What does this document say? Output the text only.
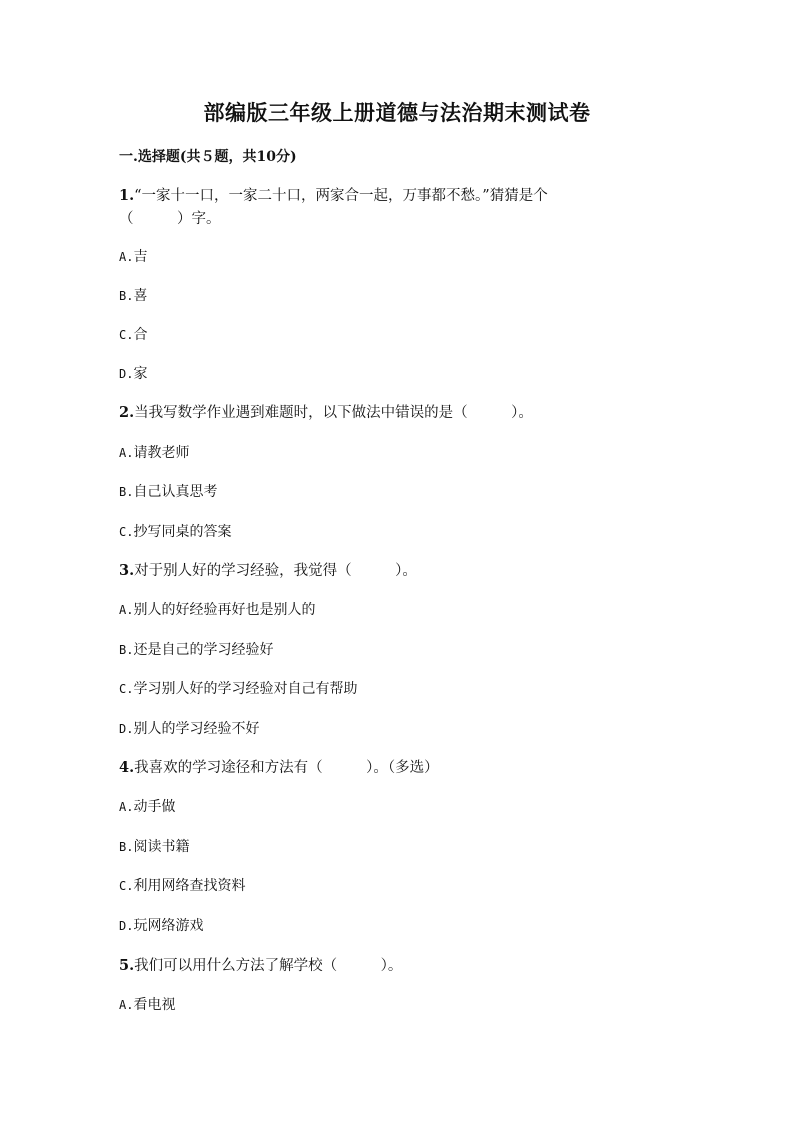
部编版三年级上册道德与法治期末测试卷
一.选择题(共５题，共10分)
1.“一家十一口，一家二十口，两家合一起，万事都不愁。”猜猜是个
（　　　）字。
A.吉
B.喜
C.合
D.家
2.当我写数学作业遇到难题时，以下做法中错误的是（　　　）。
A.请教老师
B.自己认真思考
C.抄写同桌的答案
3.对于别人好的学习经验，我觉得（　　　）。
A.别人的好经验再好也是别人的
B.还是自己的学习经验好
C.学习别人好的学习经验对自己有帮助
D.别人的学习经验不好
4.我喜欢的学习途径和方法有（　　　）。（多选）
A.动手做
B.阅读书籍
C.利用网络查找资料
D.玩网络游戏
5.我们可以用什么方法了解学校（　　　）。
A.看电视
